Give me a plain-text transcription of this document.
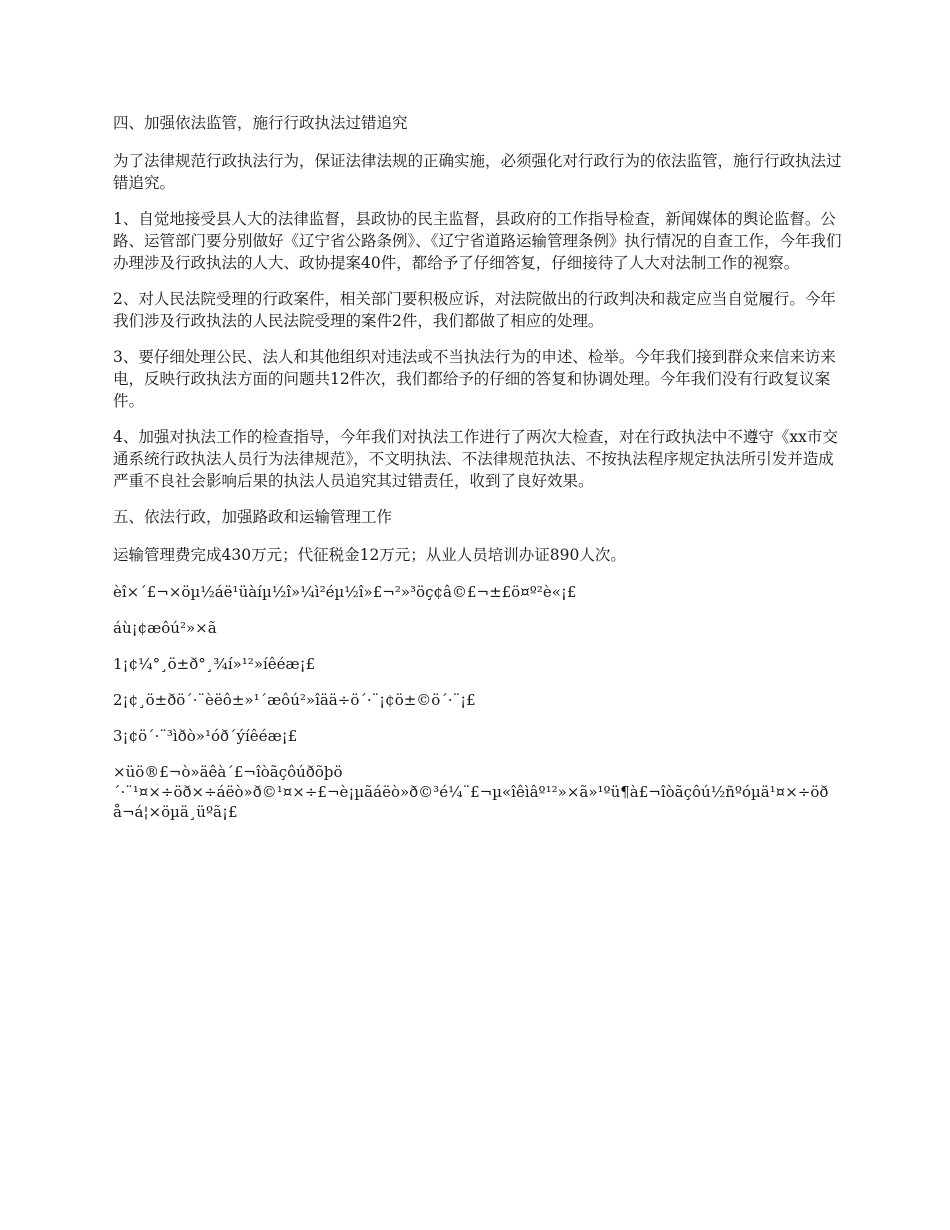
四、加强依法监管，施行行政执法过错追究

为了法律规范行政执法行为，保证法律法规的正确实施，必须强化对行政行为的依法监管，施行行政执法过错追究。

1、自觉地接受县人大的法律监督，县政协的民主监督，县政府的工作指导检查，新闻媒体的舆论监督。公路、运管部门要分别做好《辽宁省公路条例》、《辽宁省道路运输管理条例》执行情况的自查工作，今年我们办理涉及行政执法的人大、政协提案40件，都给予了仔细答复，仔细接待了人大对法制工作的视察。

2、对人民法院受理的行政案件，相关部门要积极应诉，对法院做出的行政判决和裁定应当自觉履行。今年我们涉及行政执法的人民法院受理的案件2件，我们都做了相应的处理。

3、要仔细处理公民、法人和其他组织对违法或不当执法行为的申述、检举。今年我们接到群众来信来访来电，反映行政执法方面的问题共12件次，我们都给予的仔细的答复和协调处理。今年我们没有行政复议案件。

4、加强对执法工作的检查指导，今年我们对执法工作进行了两次大检查，对在行政执法中不遵守《xx市交通系统行政执法人员行为法律规范》，不文明执法、不法律规范执法、不按执法程序规定执法所引发并造成严重不良社会影响后果的执法人员追究其过错责任，收到了良好效果。

五、依法行政，加强路政和运输管理工作

运输管理费完成430万元；代征税金12万元；从业人员培训办证890人次。

èî×´£¬×öµ½áë¹üàíµ½î»¼ì²éµ½î»£¬²»³öç¢â©£¬±£ö¤º²è«¡£

áù¡¢æôú²»×ã

1¡¢¼°¸ö±ð°¸¾í»¹²»íêéæ¡£

2¡¢¸ö±ðö´·¨èëô±»¹´æôú²»îää÷ö´·¨¡¢ö±©ö´·¨¡£

3¡¢ö´·¨³ìðò»¹óð´ýíêéæ¡£

×üö®£¬ò»äêà´£¬îòãçôúðõþö

´·¨¹¤×÷öð×÷áëò»ð©¹¤×÷£¬è¡µãáëò»ð©³é¼¨£¬µ«îêìâº¹²»×ã»¹ºü¶à£¬îòãçôú½ñºóµä¹¤×÷öð

å¬á¦×öµä¸üºã¡£
